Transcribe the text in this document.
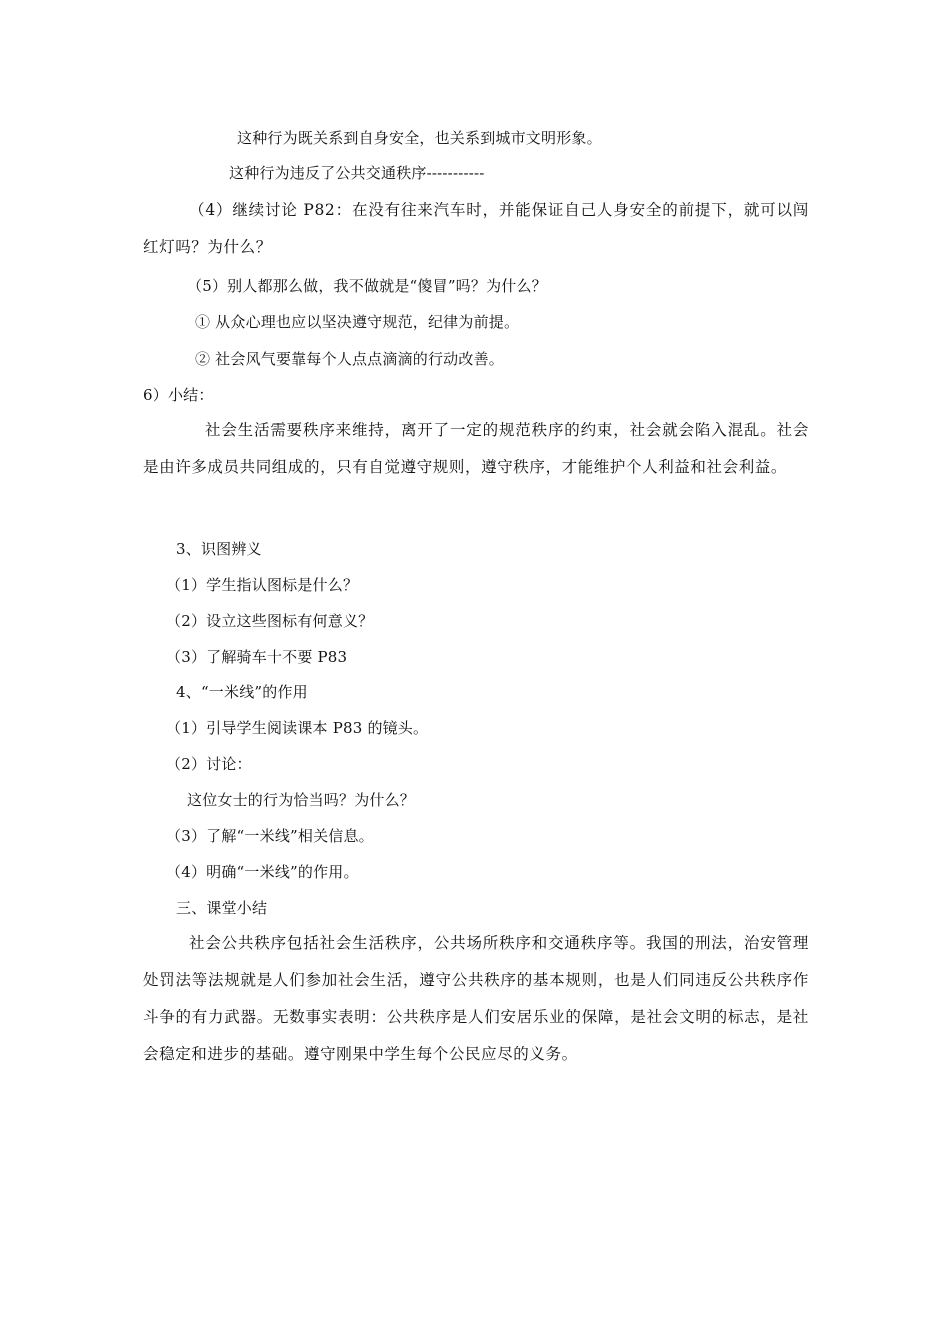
这种行为既关系到自身安全，也关系到城市文明形象。
这种行为违反了公共交通秩序-----------
（4）继续讨论 P82：在没有往来汽车时，并能保证自己人身安全的前提下，就可以闯红灯吗？为什么？
（5）别人都那么做，我不做就是“傻冒”吗？为什么？
① 从众心理也应以坚决遵守规范，纪律为前提。
② 社会风气要靠每个人点点滴滴的行动改善。
6）小结：
社会生活需要秩序来维持，离开了一定的规范秩序的约束，社会就会陷入混乱。社会是由许多成员共同组成的，只有自觉遵守规则，遵守秩序，才能维护个人利益和社会利益。
3、识图辨义
（1）学生指认图标是什么？
（2）设立这些图标有何意义？
（3）了解骑车十不要 P83
4、“一米线”的作用
（1）引导学生阅读课本 P83 的镜头。
（2）讨论：
这位女士的行为恰当吗？为什么？
（3）了解“一米线”相关信息。
（4）明确“一米线”的作用。
三、课堂小结
社会公共秩序包括社会生活秩序，公共场所秩序和交通秩序等。我国的刑法，治安管理处罚法等法规就是人们参加社会生活，遵守公共秩序的基本规则，也是人们同违反公共秩序作斗争的有力武器。无数事实表明：公共秩序是人们安居乐业的保障，是社会文明的标志，是社会稳定和进步的基础。遵守刚果中学生每个公民应尽的义务。
